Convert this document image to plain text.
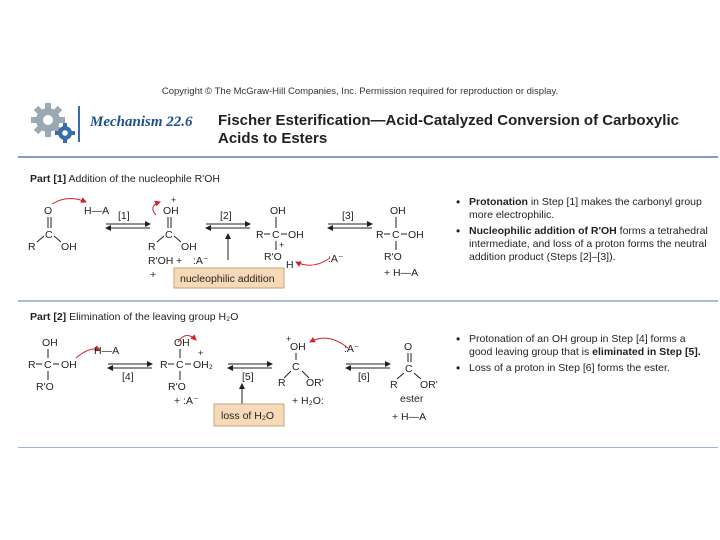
Copyright © The McGraw-Hill Companies, Inc. Permission required for reproduction or display.
Mechanism 22.6 Fischer Esterification—Acid-Catalyzed Conversion of Carboxylic Acids to Esters
Part [1] Addition of the nucleophile R'OH
O
C
R OH
H—A [1]
+
OH
C
R OH
R'OH
+
+ :A⁻
[2]	OH
R C OH
+
R'O
H	:A⁻
[3]	OH
R C OH
R'O
+ H—A
nucleophilic addition
• Protonation in Step [1] makes the carbonyl group more electrophilic.
• Nucleophilic addition of R'OH forms a tetrahedral intermediate, and loss of a proton forms the neutral addition product (Steps [2]–[3]).
Part [2] Elimination of the leaving group H₂O
OH
R C OH
R'O
H—A
[4]
OH
R C OH₂
+
R'O
+ :A⁻
[5]
OH
C
+
R OR'
:A⁻
+ H₂O:
[6]
O
C
R OR'
ester
+ H—A
loss of H₂O
• Protonation of an OH group in Step [4] forms a good leaving group that is eliminated in Step [5].
• Loss of a proton in Step [6] forms the ester.
